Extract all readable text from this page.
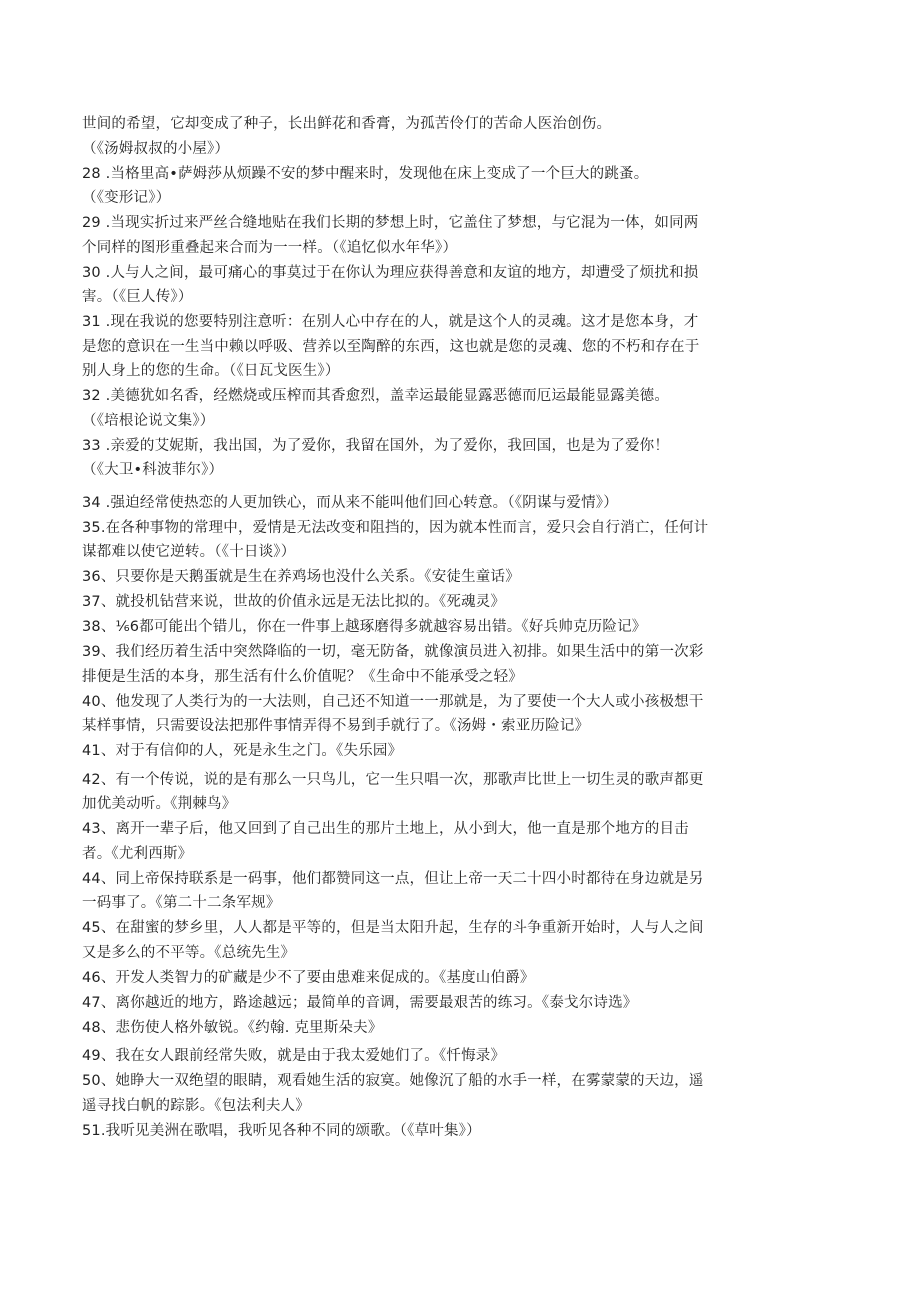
世间的希望，它却变成了种子，长出鲜花和香膏，为孤苦伶仃的苦命人医治创伤。
（《汤姆叔叔的小屋》）
28 .当格里高•萨姆莎从烦躁不安的梦中醒来时，发现他在床上变成了一个巨大的跳蚤。
（《变形记》）
29 .当现实折过来严丝合缝地贴在我们长期的梦想上时，它盖住了梦想，与它混为一体，如同两
个同样的图形重叠起来合而为一一样。（《追忆似水年华》）
30 .人与人之间，最可痛心的事莫过于在你认为理应获得善意和友谊的地方，却遭受了烦扰和损
害。（《巨人传》）
31 .现在我说的您要特别注意听：在别人心中存在的人，就是这个人的灵魂。这才是您本身，才
是您的意识在一生当中赖以呼吸、营养以至陶醉的东西，这也就是您的灵魂、您的不朽和存在于
别人身上的您的生命。（《日瓦戈医生》）
32 .美德犹如名香，经燃烧或压榨而其香愈烈，盖幸运最能显露恶德而厄运最能显露美德。
（《培根论说文集》）
33 .亲爱的艾妮斯，我出国，为了爱你，我留在国外，为了爱你，我回国，也是为了爱你！
（《大卫•科波菲尔》）
34 .强迫经常使热恋的人更加铁心，而从来不能叫他们回心转意。（《阴谋与爱情》）
35.在各种事物的常理中，爱情是无法改变和阻挡的，因为就本性而言，爱只会自行消亡，任何计
谋都难以使它逆转。（《十日谈》）
36、只要你是天鹅蛋就是生在养鸡场也没什么关系。《安徒生童话》
37、就投机钻营来说，世故的价值永远是无法比拟的。《死魂灵》
38、⅙6都可能出个错儿，你在一件事上越琢磨得多就越容易出错。《好兵帅克历险记》
39、我们经历着生活中突然降临的一切，毫无防备，就像演员进入初排。如果生活中的第一次彩
排便是生活的本身，那生活有什么价值呢？《生命中不能承受之轻》
40、他发现了人类行为的一大法则，自己还不知道一一那就是，为了要使一个大人或小孩极想干
某样事情，只需要设法把那件事情弄得不易到手就行了。《汤姆・索亚历险记》
41、对于有信仰的人，死是永生之门。《失乐园》
42、有一个传说，说的是有那么一只鸟儿，它一生只唱一次，那歌声比世上一切生灵的歌声都更
加优美动听。《荆棘鸟》
43、离开一辈子后，他又回到了自己出生的那片土地上，从小到大，他一直是那个地方的目击
者。《尤利西斯》
44、同上帝保持联系是一码事，他们都赞同这一点，但让上帝一天二十四小时都待在身边就是另
一码事了。《第二十二条军规》
45、在甜蜜的梦乡里，人人都是平等的，但是当太阳升起，生存的斗争重新开始时，人与人之间
又是多么的不平等。《总统先生》
46、开发人类智力的矿藏是少不了要由患难来促成的。《基度山伯爵》
47、离你越近的地方，路途越远；最简单的音调，需要最艰苦的练习。《泰戈尔诗选》
48、悲伤使人格外敏锐。《约翰. 克里斯朵夫》
49、我在女人跟前经常失败，就是由于我太爱她们了。《忏悔录》
50、她睁大一双绝望的眼睛，观看她生活的寂寞。她像沉了船的水手一样，在雾蒙蒙的天边，遥
遥寻找白帆的踪影。《包法利夫人》
51.我听见美洲在歌唱，我听见各种不同的颂歌。（《草叶集》）
